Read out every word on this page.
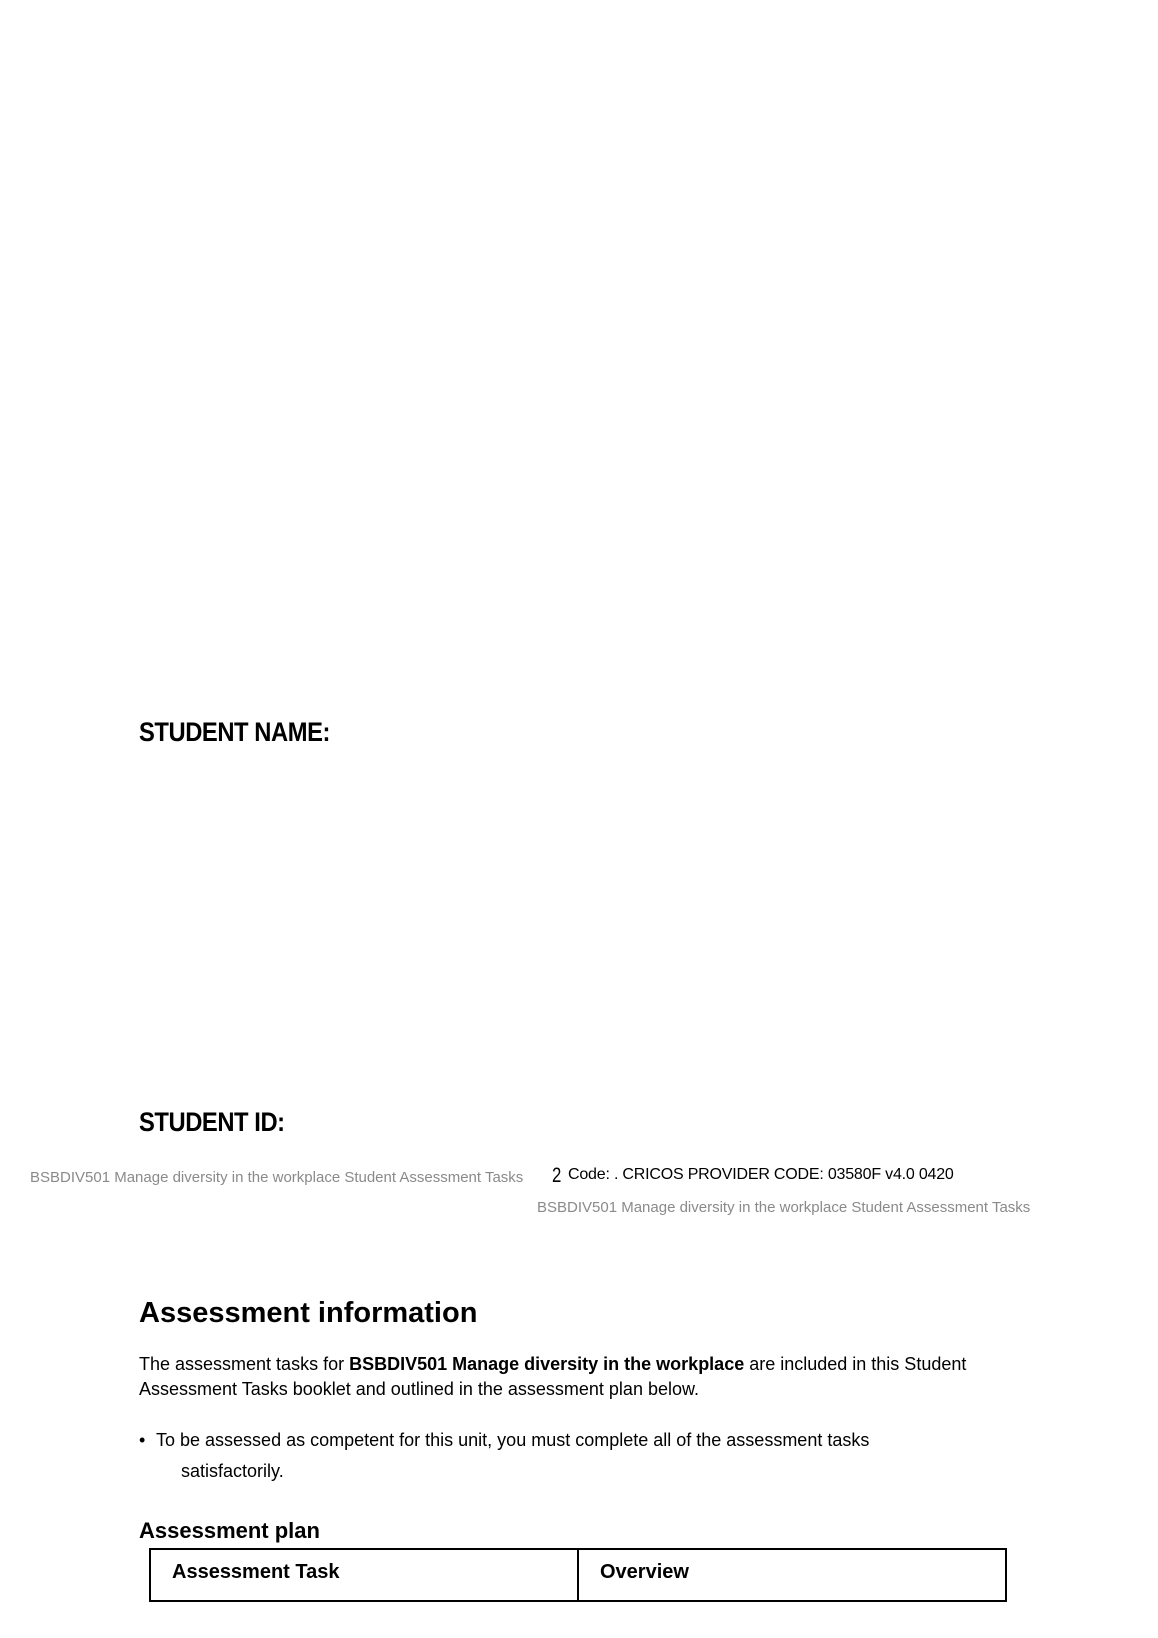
STUDENT NAME:
STUDENT ID:
BSBDIV501 Manage diversity in the workplace Student Assessment Tasks 2 Code: . CRICOS PROVIDER CODE: 03580F v4.0 0420
BSBDIV501 Manage diversity in the workplace Student Assessment Tasks
Assessment information
The assessment tasks for BSBDIV501 Manage diversity in the workplace are included in this Student Assessment Tasks booklet and outlined in the assessment plan below.
• To be assessed as competent for this unit, you must complete all of the assessment tasks
satisfactorily.
Assessment plan
Assessment Task	Overview
